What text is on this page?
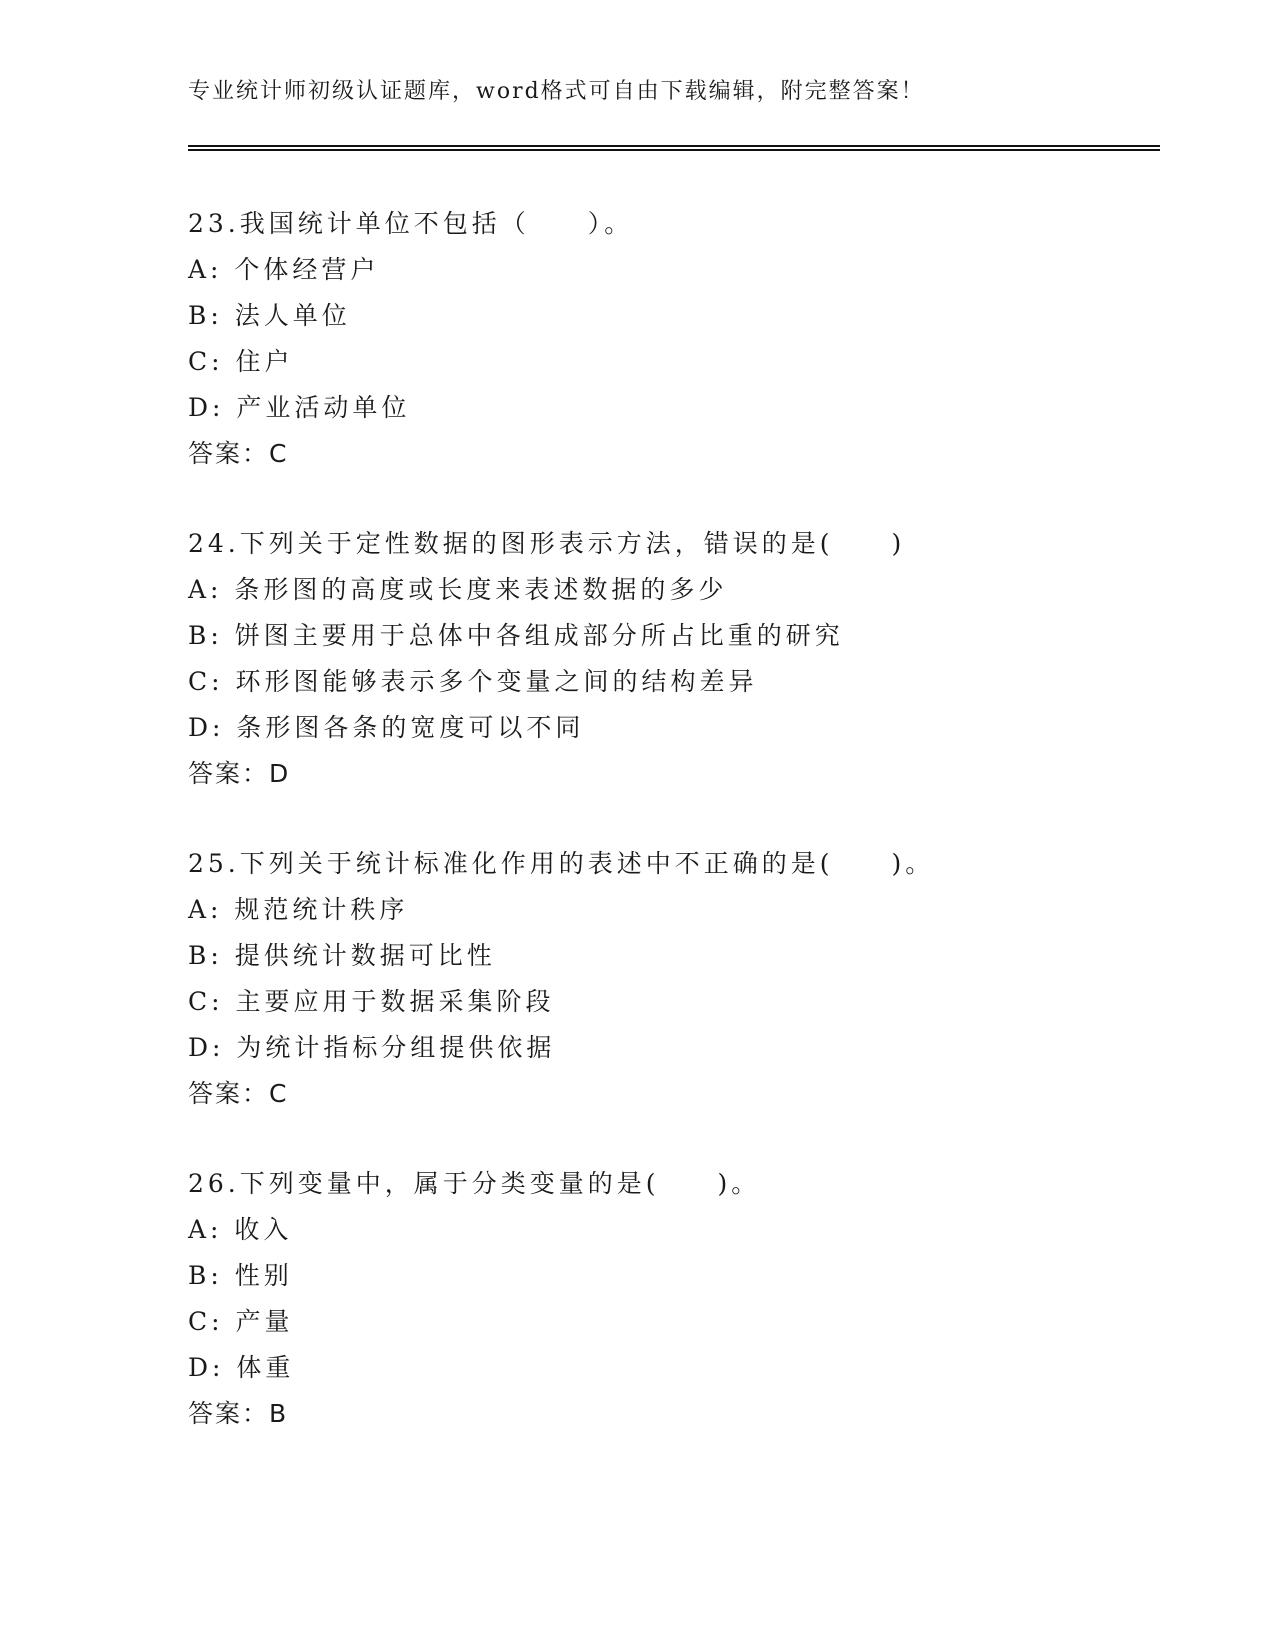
专业统计师初级认证题库，word格式可自由下载编辑，附完整答案！
23.我国统计单位不包括（　　）。
A: 个体经营户
B: 法人单位
C: 住户
D: 产业活动单位
答案：C
24.下列关于定性数据的图形表示方法，错误的是(　　)
A: 条形图的高度或长度来表述数据的多少
B: 饼图主要用于总体中各组成部分所占比重的研究
C: 环形图能够表示多个变量之间的结构差异
D: 条形图各条的宽度可以不同
答案：D
25.下列关于统计标准化作用的表述中不正确的是(　　)。
A: 规范统计秩序
B: 提供统计数据可比性
C: 主要应用于数据采集阶段
D: 为统计指标分组提供依据
答案：C
26.下列变量中，属于分类变量的是(　　)。
A: 收入
B: 性别
C: 产量
D: 体重
答案：B
